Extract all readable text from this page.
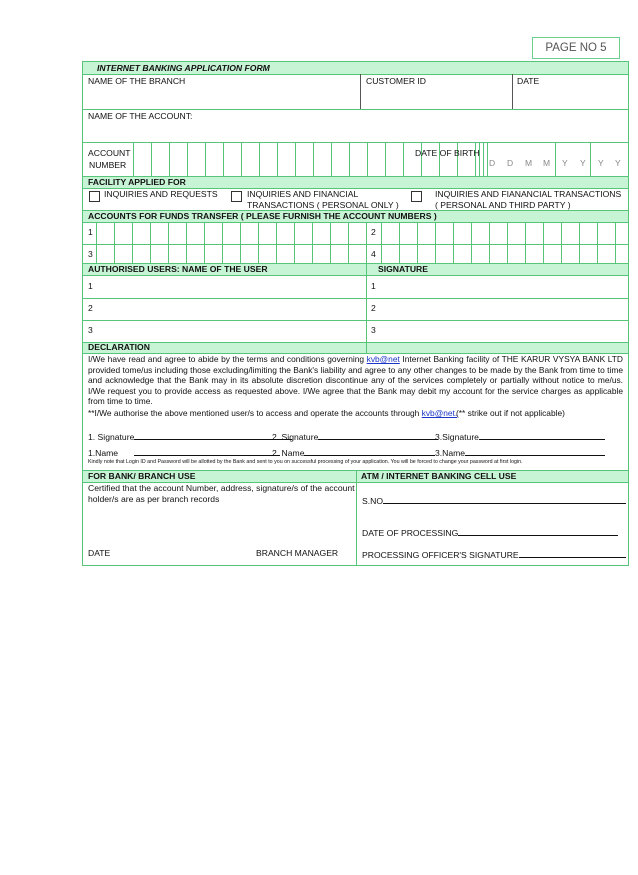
PAGE NO 5
INTERNET BANKING APPLICATION FORM
NAME OF THE BRANCH	CUSTOMER ID	DATE
NAME OF THE ACCOUNT:
ACCOUNT
NUMBER
DATE OF BIRTH
D D M M Y Y Y Y
FACILITY APPLIED FOR
INQUIRIES AND REQUESTS	INQUIRIES AND FINANCIAL
TRANSACTIONS ( PERSONAL ONLY )
INQUIRIES AND FIANANCIAL TRANSACTIONS
( PERSONAL AND THIRD PARTY )
ACCOUNTS FOR FUNDS TRANSFER ( PLEASE FURNISH THE ACCOUNT NUMBERS )
1	2
3	4
AUTHORISED USERS: NAME OF THE USER	SIGNATURE
1	1
2	2
3	3
DECLARATION
I/We have read and agree to abide by the terms and conditions governing kvb@net Internet Banking facility of THE KARUR VYSYA BANK LTD provided tome/us including those excluding/limiting the Bank's liability and agree to any other changes to be made by the Bank from time to time and acknowledge that the Bank may in its absolute discretion discontinue any of the services completely or partially without notice to me/us. I/We request you to provide access as requested above. I/We agree that the Bank may debit my account for the service charges as applicable from time to time.
**I/We authorise the above mentioned user/s to access and operate the accounts through kvb@net.
(** strike out if not applicable)
1. Signature	2. Signature	3.Signature
1.Name	2. Name	3.Name
Kindly note that Login ID and Password will be allotted by the Bank and sent to you on successful processing of your application. You will be forced to change your password at first login.
FOR BANK/ BRANCH USE	ATM / INTERNET BANKING CELL USE
Certified that the account Number, address, signature/s of the account
holder/s are as per branch records
DATE	BRANCH MANAGER
S.NO
DATE OF PROCESSING
PROCESSING OFFICER'S SIGNATURE
